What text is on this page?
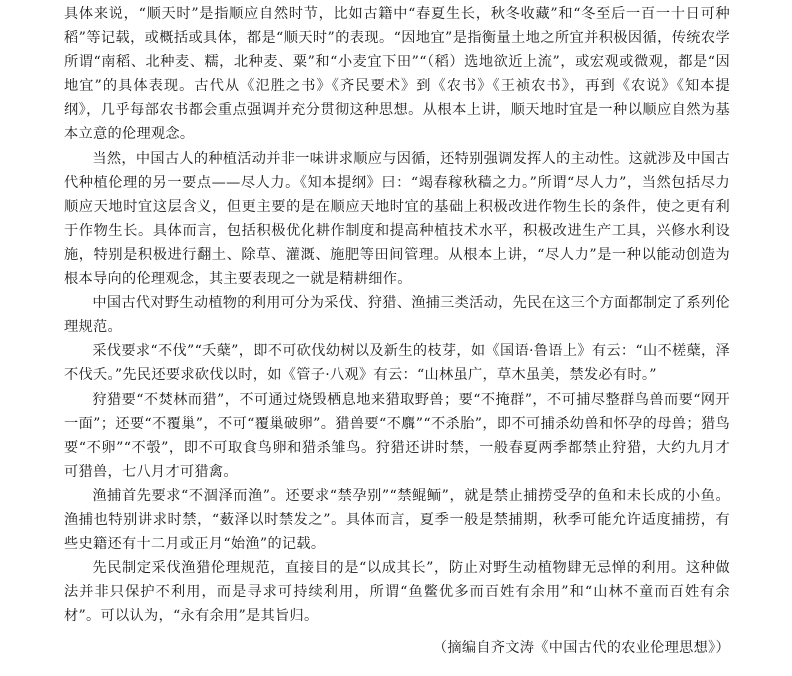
具体来说，“顺天时”是指顺应自然时节，比如古籍中“春夏生长，秋冬收藏”和“冬至后一百一十日可种稻”等记载，或概括或具体，都是“顺天时”的表现。“因地宜”是指衡量土地之所宜并积极因循，传统农学所谓“南稻、北种麦、糯，北种麦、粟”和“小麦宜下田”“（稻）选地欲近上流”，或宏观或微观，都是“因地宜”的具体表现。古代从《氾胜之书》《齐民要术》到《农书》《王祯农书》，再到《农说》《知本提纲》，几乎每部农书都会重点强调并充分贯彻这种思想。从根本上讲，顺天地时宜是一种以顺应自然为基本立意的伦理观念。

当然，中国古人的种植活动并非一味讲求顺应与因循，还特别强调发挥人的主动性。这就涉及中国古代种植伦理的另一要点——尽人力。《知本提纲》曰：“竭春稼秋穑之力。”所谓“尽人力”，当然包括尽力顺应天地时宜这层含义，但更主要的是在顺应天地时宜的基础上积极改进作物生长的条件，使之更有利于作物生长。具体而言，包括积极优化耕作制度和提高种植技术水平，积极改进生产工具，兴修水利设施，特别是积极进行翻土、除草、灌溉、施肥等田间管理。从根本上讲，“尽人力”是一种以能动创造为根本导向的伦理观念，其主要表现之一就是精耕细作。

中国古代对野生动植物的利用可分为采伐、狩猎、渔捕三类活动，先民在这三个方面都制定了系列伦理规范。

采伐要求“不伐”“夭蘖”，即不可砍伐幼树以及新生的枝芽，如《国语·鲁语上》有云：“山不槎蘖，泽不伐夭。”先民还要求砍伐以时，如《管子·八观》有云：“山林虽广，草木虽美，禁发必有时。”

狩猎要“不焚林而猎”，不可通过烧毁栖息地来猎取野兽；要“不掩群”，不可捕尽整群鸟兽而要“网开一面”；还要“不覆巢”，不可“覆巢破卵”。猎兽要“不麛”“不杀胎”，即不可捕杀幼兽和怀孕的母兽；猎鸟要“不卵”“不彀”，即不可取食鸟卵和猎杀雏鸟。狩猎还讲时禁，一般春夏两季都禁止狩猎，大约九月才可猎兽，七八月才可猎禽。

渔捕首先要求“不涸泽而渔”。还要求“禁孕别”“禁鲲鲕”，就是禁止捕捞受孕的鱼和未长成的小鱼。渔捕也特别讲求时禁，“薮泽以时禁发之”。具体而言，夏季一般是禁捕期，秋季可能允许适度捕捞，有些史籍还有十二月或正月“始渔”的记载。

先民制定采伐渔猎伦理规范，直接目的是“以成其长”，防止对野生动植物肆无忌惮的利用。这种做法并非只保护不利用，而是寻求可持续利用，所谓“鱼鳖优多而百姓有余用”和“山林不童而百姓有余材”。可以认为，“永有余用”是其旨归。

（摘编自齐文涛《中国古代的农业伦理思想》）
